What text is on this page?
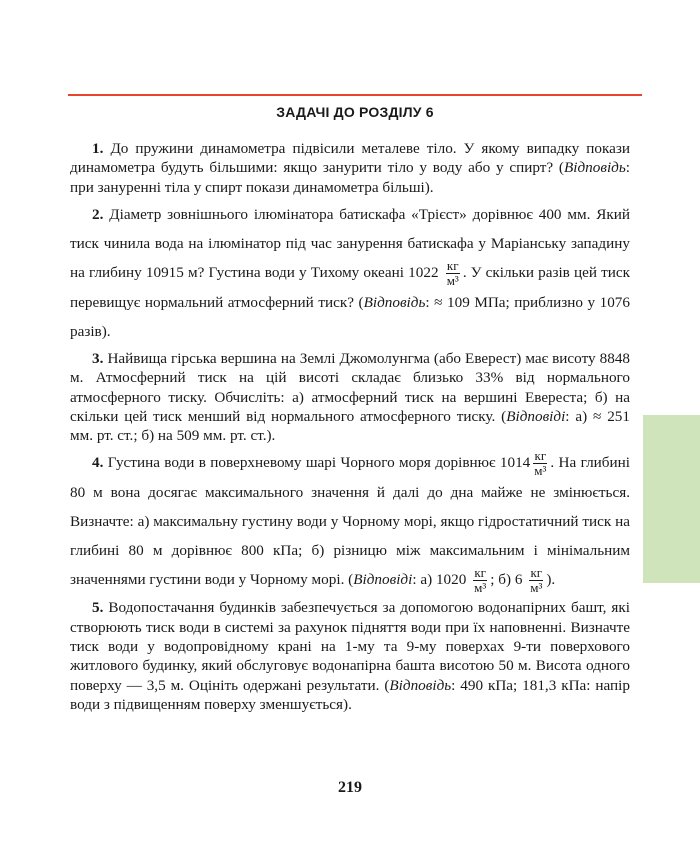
ЗАДАЧІ ДО РОЗДІЛУ 6

1. До пружини динамометра підвісили металеве тіло. У якому випадку покази динамометра будуть більшими: якщо занурити тіло у воду або у спирт? (Відповідь: при зануренні тіла у спирт покази динамометра більші).

2. Діаметр зовнішнього ілюмінатора батискафа «Трієст» дорівнює 400 мм. Який тиск чинила вода на ілюмінатор під час занурення батискафа у Маріанську западину на глибину 10915 м? Густина води у Тихому океані $1022 \frac{кг}{\text{м³}}$ . У скільки разів цей тиск перевищує нормальний атмосферний тиск? (Відповідь: ≈ 109 МПа; приблизно у 1076 разів).

3. Найвища гірська вершина на Землі Джомолунгма (або Еверест) має висоту 8848 м. Атмосферний тиск на цій висоті складає близько 33% від нормального атмосферного тиску. Обчисліть: а) атмосферний тиск на вершині Евереста; б) на скільки цей тиск менший від нормального атмосферного тиску. (Відповіді: а) ≈ 251 мм. рт. ст.; б) на 509 мм. рт. ст.).

4. Густина води в поверхневому шарі Чорного моря дорівнює $1014 \frac{кг}{\text{м³}}$ . На глибині 80 м вона досягає максимального значення й далі до дна майже не змінюється. Визначте: а) максимальну густину води у Чорному морі, якщо гідростатичний тиск на глибині 80 м дорівнює 800 кПа; б) різницю між максимальним і мінімальним значеннями густини води у Чорному морі. (Відповіді: а) $1020 \frac{кг}{\text{м³}}$ ; б) $6 \frac{кг}{\text{м³}}$ ).

5. Водопостачання будинків забезпечується за допомогою водонапірних башт, які створюють тиск води в системі за рахунок підняття води при їх наповненні. Визначте тиск води у водопровідному крані на 1-му та 9-му поверхах 9-ти поверхового житлового будинку, який обслуговує водонапірна башта висотою 50 м. Висота одного поверху — 3,5 м. Оцініть одержані результати. (Відповідь: 490 кПа; 181,3 кПа: напір води з підвищенням поверху зменшується).

219
